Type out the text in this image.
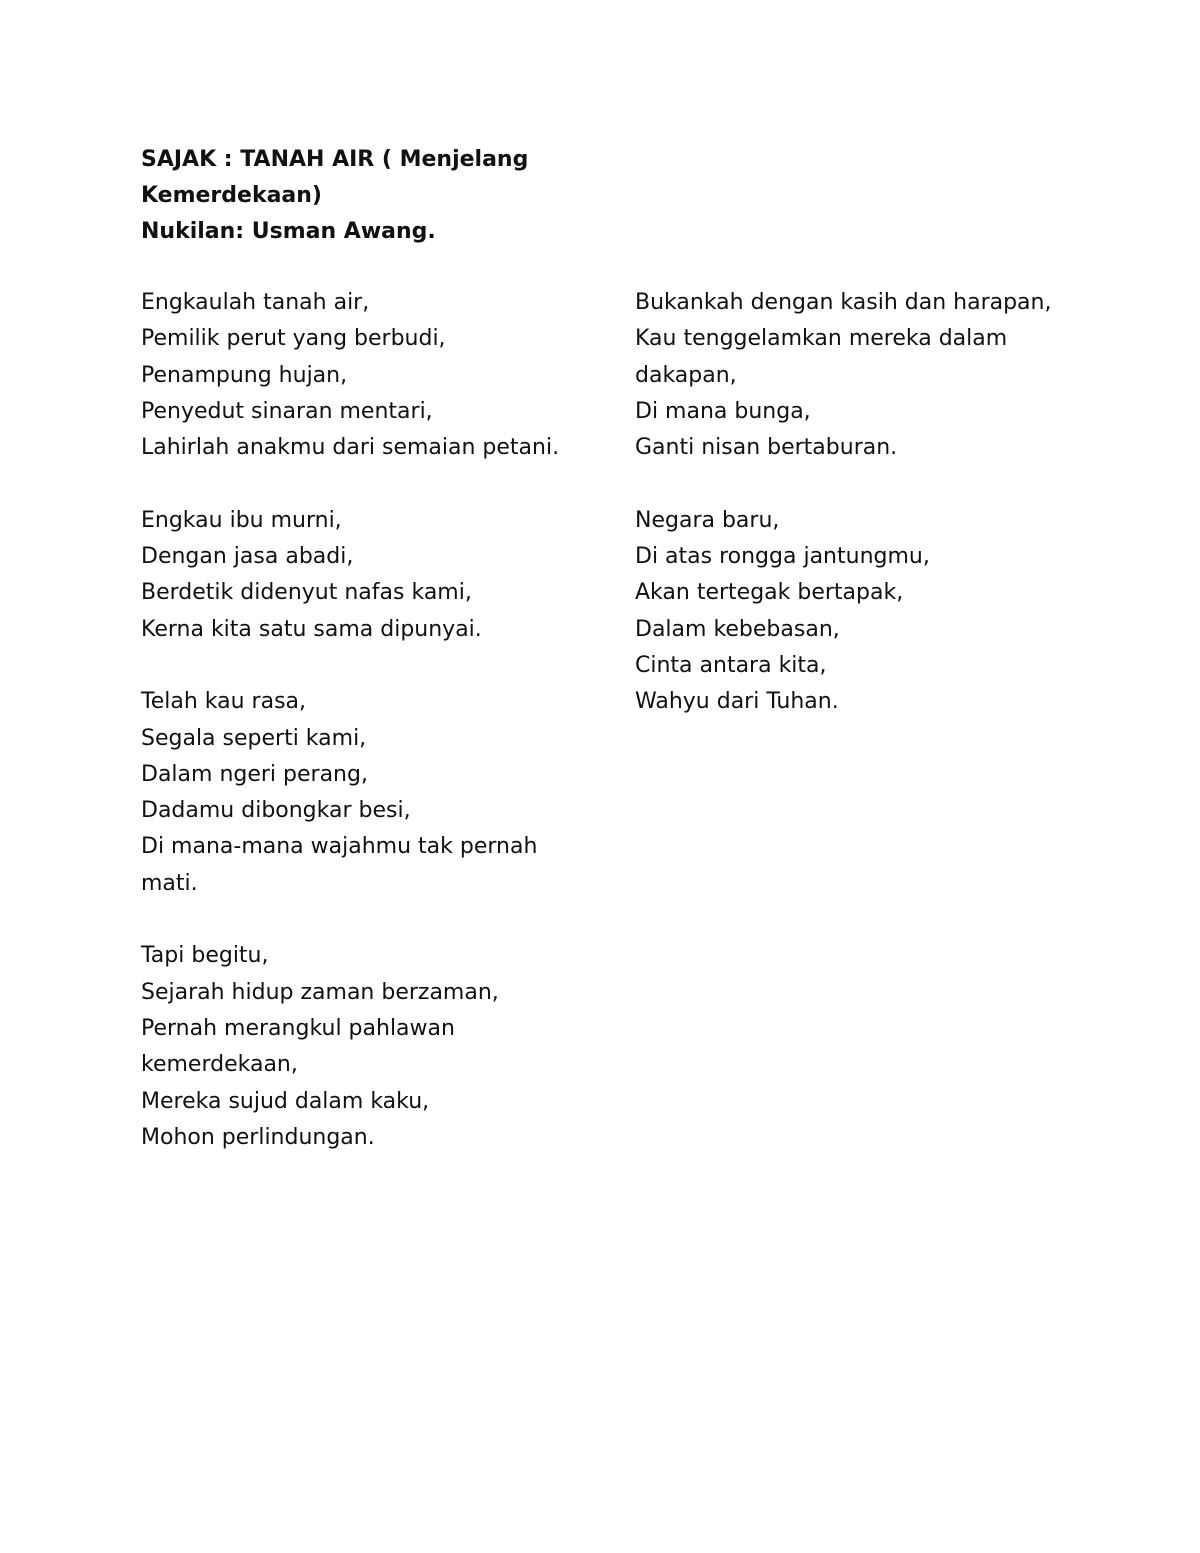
SAJAK : TANAH AIR ( Menjelang
Kemerdekaan)
Nukilan: Usman Awang.
Engkaulah tanah air,
Pemilik perut yang berbudi,
Penampung hujan,
Penyedut sinaran mentari,
Lahirlah anakmu dari semaian petani.
Engkau ibu murni,
Dengan jasa abadi,
Berdetik didenyut nafas kami,
Kerna kita satu sama dipunyai.
Telah kau rasa,
Segala seperti kami,
Dalam ngeri perang,
Dadamu dibongkar besi,
Di mana-mana wajahmu tak pernah
mati.
Tapi begitu,
Sejarah hidup zaman berzaman,
Pernah merangkul pahlawan
kemerdekaan,
Mereka sujud dalam kaku,
Mohon perlindungan.
Bukankah dengan kasih dan harapan,
Kau tenggelamkan mereka dalam
dakapan,
Di mana bunga,
Ganti nisan bertaburan.
Negara baru,
Di atas rongga jantungmu,
Akan tertegak bertapak,
Dalam kebebasan,
Cinta antara kita,
Wahyu dari Tuhan.
